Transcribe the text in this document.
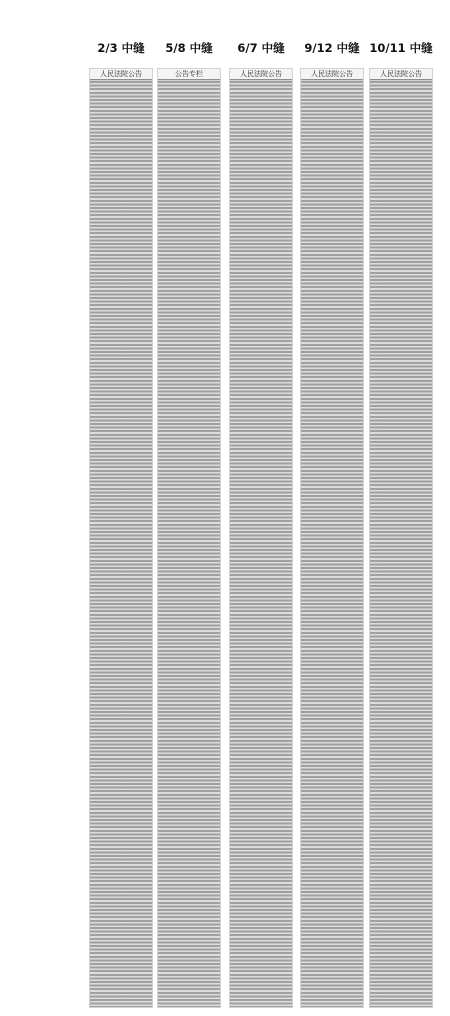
2/3 中缝
人民法院公告
5/8 中缝
公告专栏
6/7 中缝
人民法院公告
9/12 中缝
人民法院公告
10/11 中缝
人民法院公告
